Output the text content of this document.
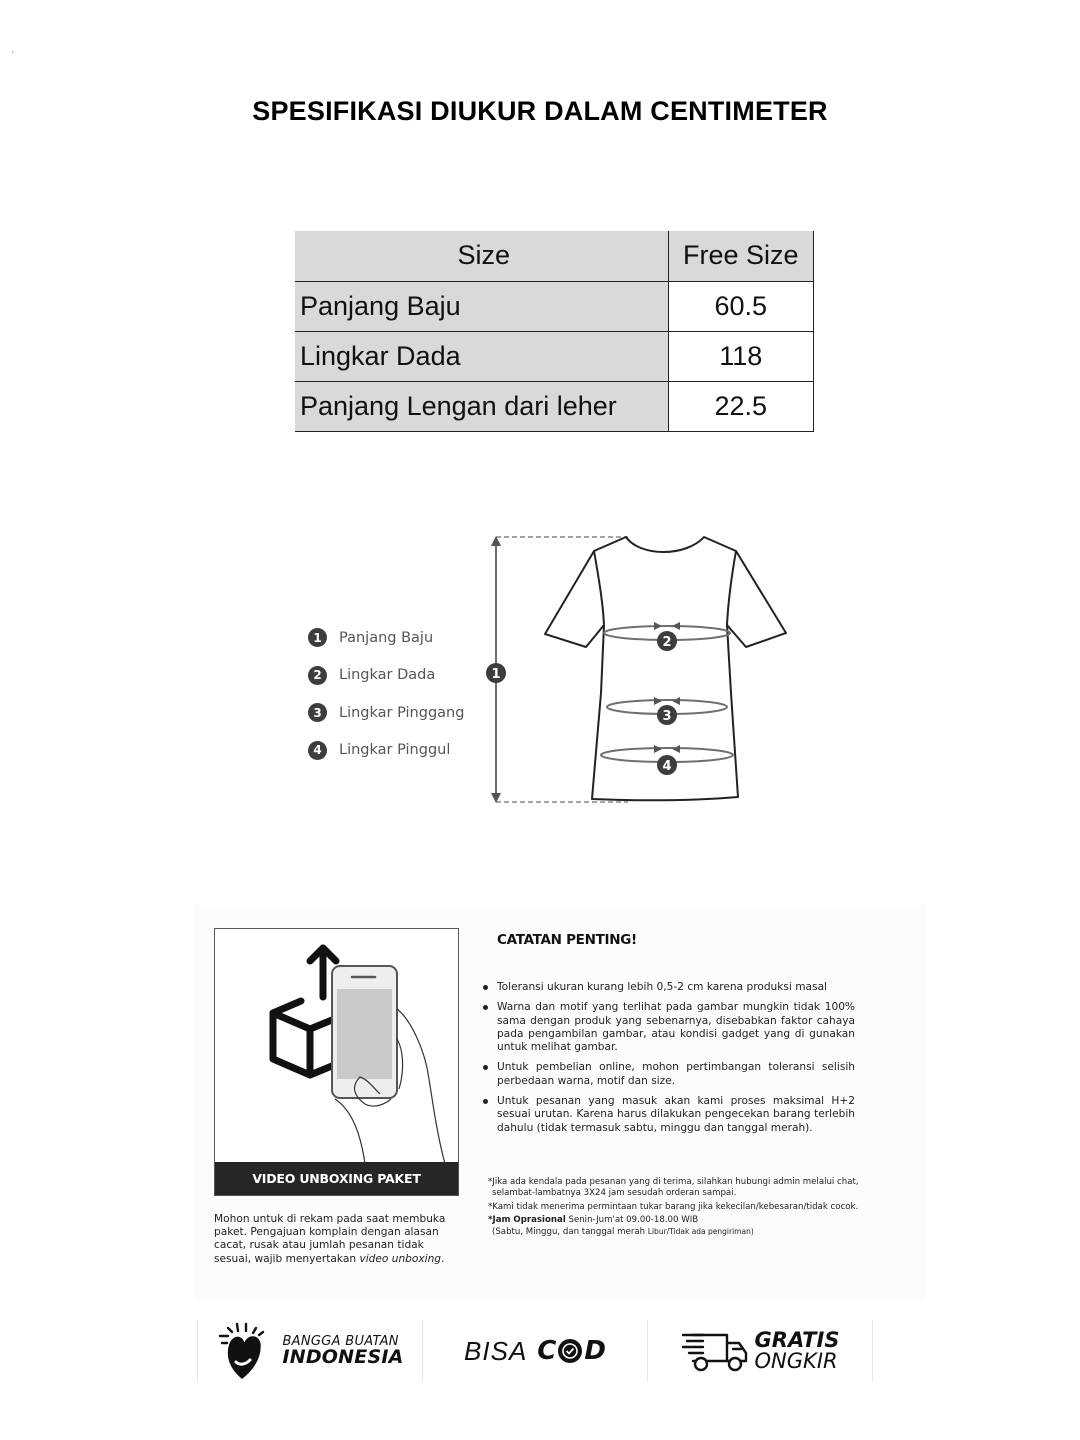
SPESIFIKASI DIUKUR DALAM CENTIMETER
Size	Free Size
Panjang Baju	60.5
Lingkar Dada	118
Panjang Lengan dari leher	22.5
1	Panjang Baju
2	Lingkar Dada
3	Lingkar Pinggang
4	Lingkar Pinggul
1
2
3
4
VIDEO UNBOXING PAKET

Mohon untuk di rekam pada saat membuka paket. Pengajuan komplain dengan alasan cacat, rusak atau jumlah pesanan tidak sesuai, wajib menyertakan video unboxing.

CATATAN PENTING!
Toleransi ukuran kurang lebih 0,5-2 cm karena produksi masal
Warna dan motif yang terlihat pada gambar mungkin tidak 100% sama dengan produk yang sebenarnya, disebabkan faktor cahaya pada pengambilan gambar, atau kondisi gadget yang di gunakan untuk melihat gambar.
Untuk pembelian online, mohon pertimbangan toleransi selisih perbedaan warna, motif dan size.
Untuk pesanan yang masuk akan kami proses maksimal H+2 sesuai urutan. Karena harus dilakukan pengecekan barang terlebih dahulu (tidak termasuk sabtu, minggu dan tanggal merah).

*Jika ada kendala pada pesanan yang di terima, silahkan hubungi admin melalui chat,
selambat-lambatnya 3X24 jam sesudah orderan sampai.

*Kami tidak menerima permintaan tukar barang jika kekecilan/kebesaran/tidak cocok.

*Jam Oprasional Senin-Jum'at 09.00-18.00 WIB
(Sabtu, Minggu, dan tanggal merah Libur/Tidak ada pengiriman)

BANGGA BUATAN
INDONESIA BISA C D	GRATIS
ONGKIR
